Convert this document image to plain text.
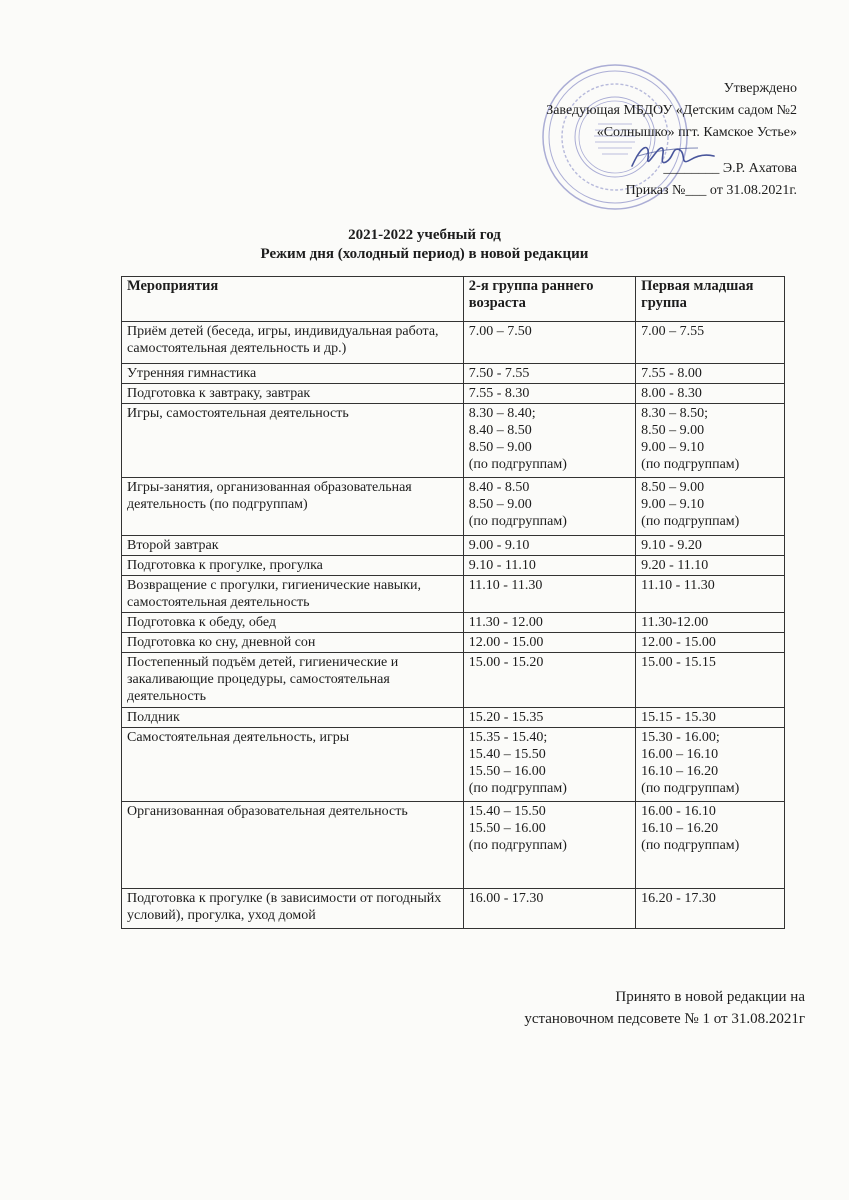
Утверждено
Заведующая МБДОУ «Детским садом №2
«Солнышко» пгт. Камское Устье»
________ Э.Р. Ахатова
Приказ №___ от 31.08.2021г.
2021-2022 учебный год
Режим дня (холодный период) в новой редакции
Мероприятия	2-я группа раннего возраста	Первая младшая группа
Приём детей (беседа, игры, индивидуальная работа, самостоятельная деятельность и др.)	7.00 – 7.50	7.00 – 7.55

Утренняя гимнастика	7.50 - 7.55	7.55 - 8.00

Подготовка к завтраку, завтрак	7.55 - 8.30	8.00 - 8.30

Игры, самостоятельная деятельность	8.30 – 8.40;
8.40 – 8.50
8.50 – 9.00
(по подгруппам)	8.30 – 8.50;
8.50 – 9.00
9.00 – 9.10
(по подгруппам)

Игры-занятия, организованная образовательная деятельность (по подгруппам)	8.40 - 8.50
8.50 – 9.00
(по подгруппам)	8.50 – 9.00
9.00 – 9.10
(по подгруппам)

Второй завтрак	9.00 - 9.10	9.10 - 9.20

Подготовка к прогулке, прогулка	9.10 - 11.10	9.20 - 11.10

Возвращение с прогулки, гигиенические навыки, самостоятельная деятельность	11.10 - 11.30	11.10 - 11.30

Подготовка к обеду, обед	11.30 - 12.00	11.30-12.00

Подготовка ко сну, дневной сон	12.00 - 15.00	12.00 - 15.00

Постепенный подъём детей, гигиенические и закаливающие процедуры, самостоятельная деятельность	15.00 - 15.20	15.00 - 15.15

Полдник	15.20 - 15.35	15.15 - 15.30

Самостоятельная деятельность, игры	15.35 - 15.40;
15.40 – 15.50
15.50 – 16.00
(по подгруппам)	15.30 - 16.00;
16.00 – 16.10
16.10 – 16.20
(по подгруппам)

Организованная образовательная деятельность	15.40 – 15.50
15.50 – 16.00
(по подгруппам)	16.00 - 16.10
16.10 – 16.20
(по подгруппам)

Подготовка к прогулке (в зависимости от погодныйх условий), прогулка, уход домой	16.00 - 17.30	16.20 - 17.30
Принято в новой редакции на
установочном педсовете № 1 от 31.08.2021г
